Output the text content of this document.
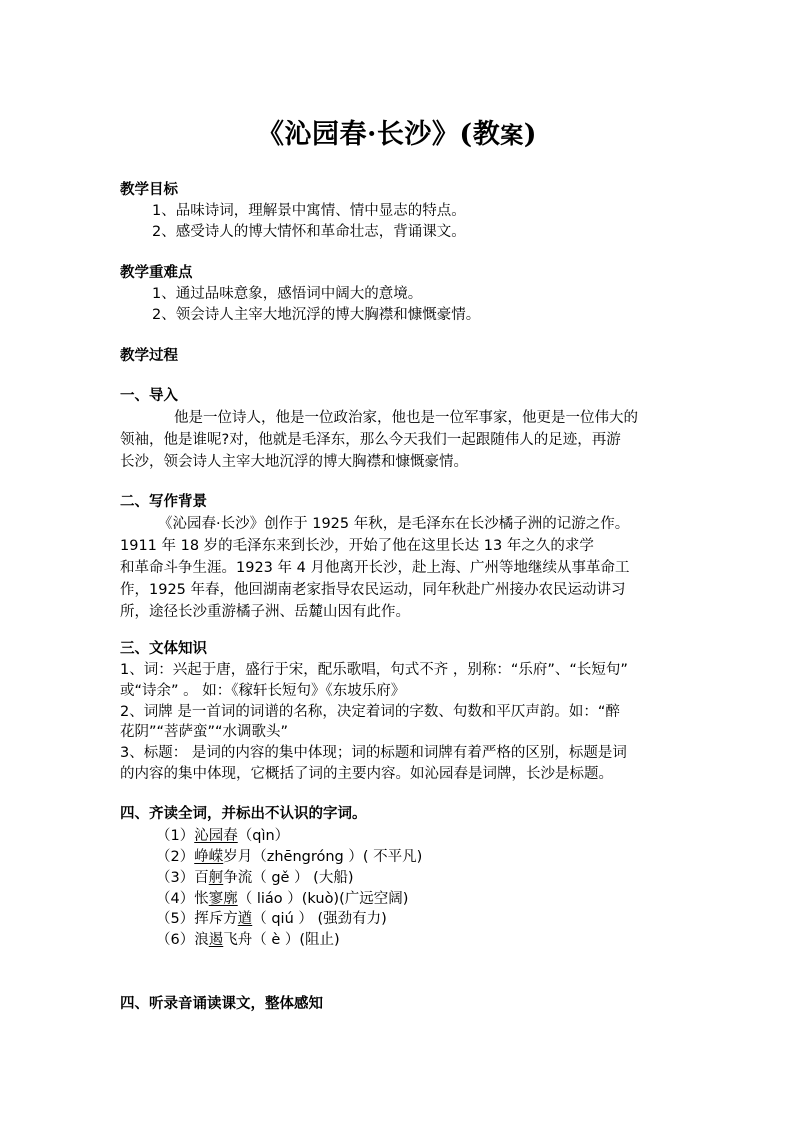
《沁园春·长沙》(教案)
教学目标
1、品味诗词，理解景中寓情、情中显志的特点。
2、感受诗人的博大情怀和革命壮志，背诵课文。
教学重难点
1、通过品味意象，感悟词中阔大的意境。
2、领会诗人主宰大地沉浮的博大胸襟和慷慨豪情。
教学过程
一、导入
他是一位诗人，他是一位政治家，他也是一位军事家，他更是一位伟大的
领袖，他是谁呢?对，他就是毛泽东，那么今天我们一起跟随伟人的足迹，再游
长沙，领会诗人主宰大地沉浮的博大胸襟和慷慨豪情。
二、写作背景
《沁园春·长沙》创作于 1925 年秋，是毛泽东在长沙橘子洲的记游之作。
1911 年 18 岁的毛泽东来到长沙，开始了他在这里长达 13 年之久的求学
和革命斗争生涯。1923 年 4 月他离开长沙，赴上海、广州等地继续从事革命工
作，1925 年春，他回湖南老家指导农民运动，同年秋赴广州接办农民运动讲习
所，途径长沙重游橘子洲、岳麓山因有此作。
三、文体知识
1、词：兴起于唐，盛行于宋，配乐歌唱，句式不齐 ，别称：“乐府”、“长短句”
或“诗余” 。 如：《稼轩长短句》《东坡乐府》
2、词牌 是一首词的词谱的名称，决定着词的字数、句数和平仄声韵。如：“醉
花阴”“菩萨蛮”“水调歌头”
3、标题： 是词的内容的集中体现；词的标题和词牌有着严格的区别，标题是词
的内容的集中体现，它概括了词的主要内容。如沁园春是词牌，长沙是标题。
四、齐读全词，并标出不认识的字词。
（1）沁园春（qìn）
（2）峥嵘岁月（zhēngróng ）( 不平凡)
（3）百舸争流（ gě ） (大船)
（4）怅寥廓（ liáo ）(kuò)(广远空阔)
（5）挥斥方遒（ qiú ） (强劲有力)
（6）浪遏飞舟（ è ）(阻止)
四、听录音诵读课文，整体感知
